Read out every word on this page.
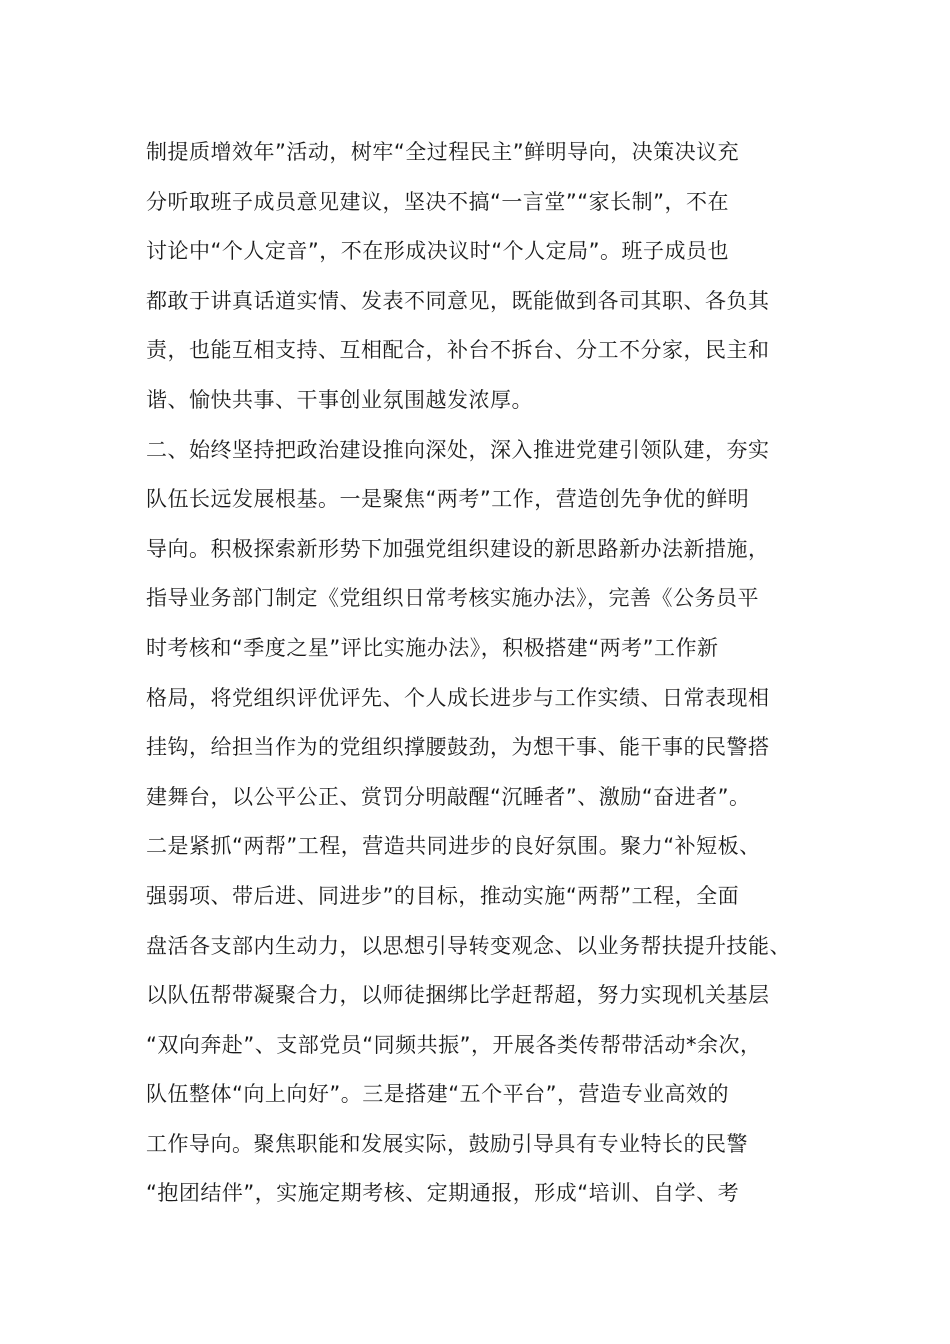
制提质增效年”活动，树牢“全过程民主”鲜明导向，决策决议充
分听取班子成员意见建议，坚决不搞“一言堂”“家长制”，不在
讨论中“个人定音”，不在形成决议时“个人定局”。班子成员也
都敢于讲真话道实情、发表不同意见，既能做到各司其职、各负其
责，也能互相支持、互相配合，补台不拆台、分工不分家，民主和
谐、愉快共事、干事创业氛围越发浓厚。
二、始终坚持把政治建设推向深处，深入推进党建引领队建，夯实
队伍长远发展根基。一是聚焦“两考”工作，营造创先争优的鲜明
导向。积极探索新形势下加强党组织建设的新思路新办法新措施，
指导业务部门制定《党组织日常考核实施办法》，完善《公务员平
时考核和“季度之星”评比实施办法》，积极搭建“两考”工作新
格局，将党组织评优评先、个人成长进步与工作实绩、日常表现相
挂钩，给担当作为的党组织撑腰鼓劲，为想干事、能干事的民警搭
建舞台，以公平公正、赏罚分明敲醒“沉睡者”、激励“奋进者”。
二是紧抓“两帮”工程，营造共同进步的良好氛围。聚力“补短板、
强弱项、带后进、同进步”的目标，推动实施“两帮”工程，全面
盘活各支部内生动力，以思想引导转变观念、以业务帮扶提升技能、
以队伍帮带凝聚合力，以师徒捆绑比学赶帮超，努力实现机关基层
“双向奔赴”、支部党员“同频共振”，开展各类传帮带活动*余次，
队伍整体“向上向好”。三是搭建“五个平台”，营造专业高效的
工作导向。聚焦职能和发展实际，鼓励引导具有专业特长的民警
“抱团结伴”，实施定期考核、定期通报，形成“培训、自学、考
